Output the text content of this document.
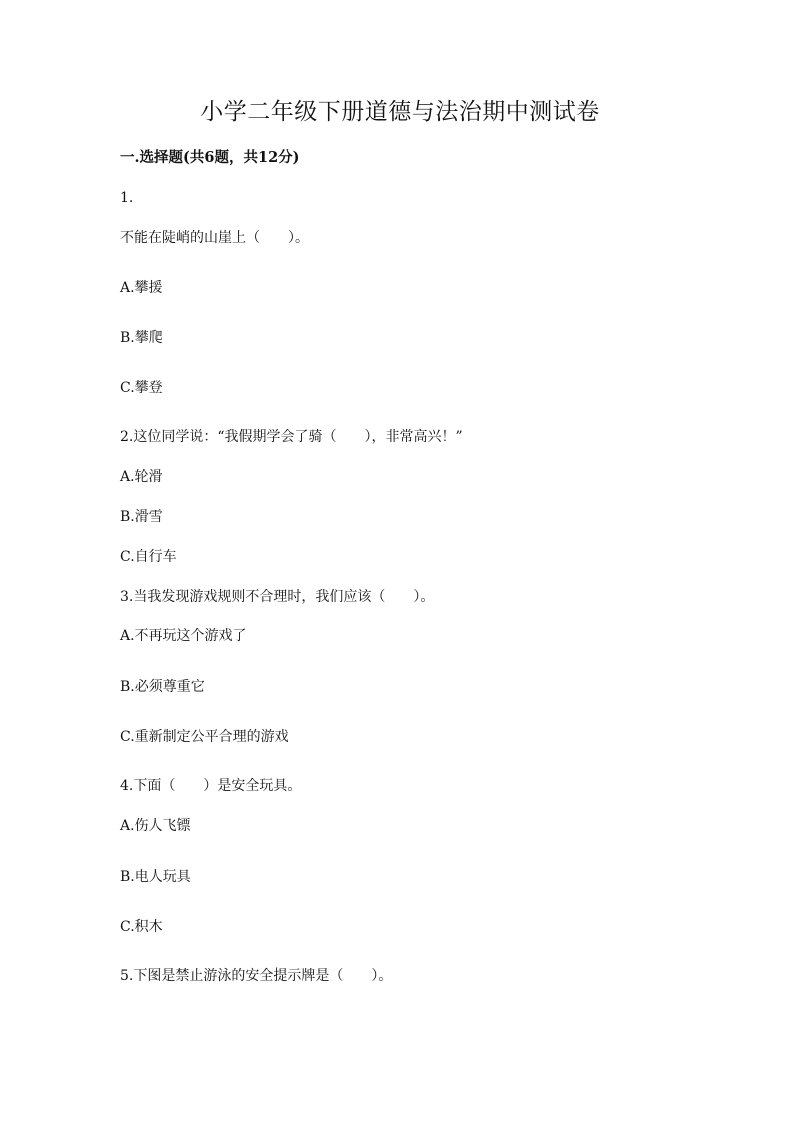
小学二年级下册道德与法治期中测试卷
一.选择题(共6题，共12分)
1.
不能在陡峭的山崖上（　　）。
A.攀援
B.攀爬
C.攀登
2.这位同学说：“我假期学会了骑（　　），非常高兴！”
A.轮滑
B.滑雪
C.自行车
3.当我发现游戏规则不合理时，我们应该（　　）。
A.不再玩这个游戏了
B.必须尊重它
C.重新制定公平合理的游戏
4.下面（　　）是安全玩具。
A.伤人飞镖
B.电人玩具
C.积木
5.下图是禁止游泳的安全提示牌是（　　）。
